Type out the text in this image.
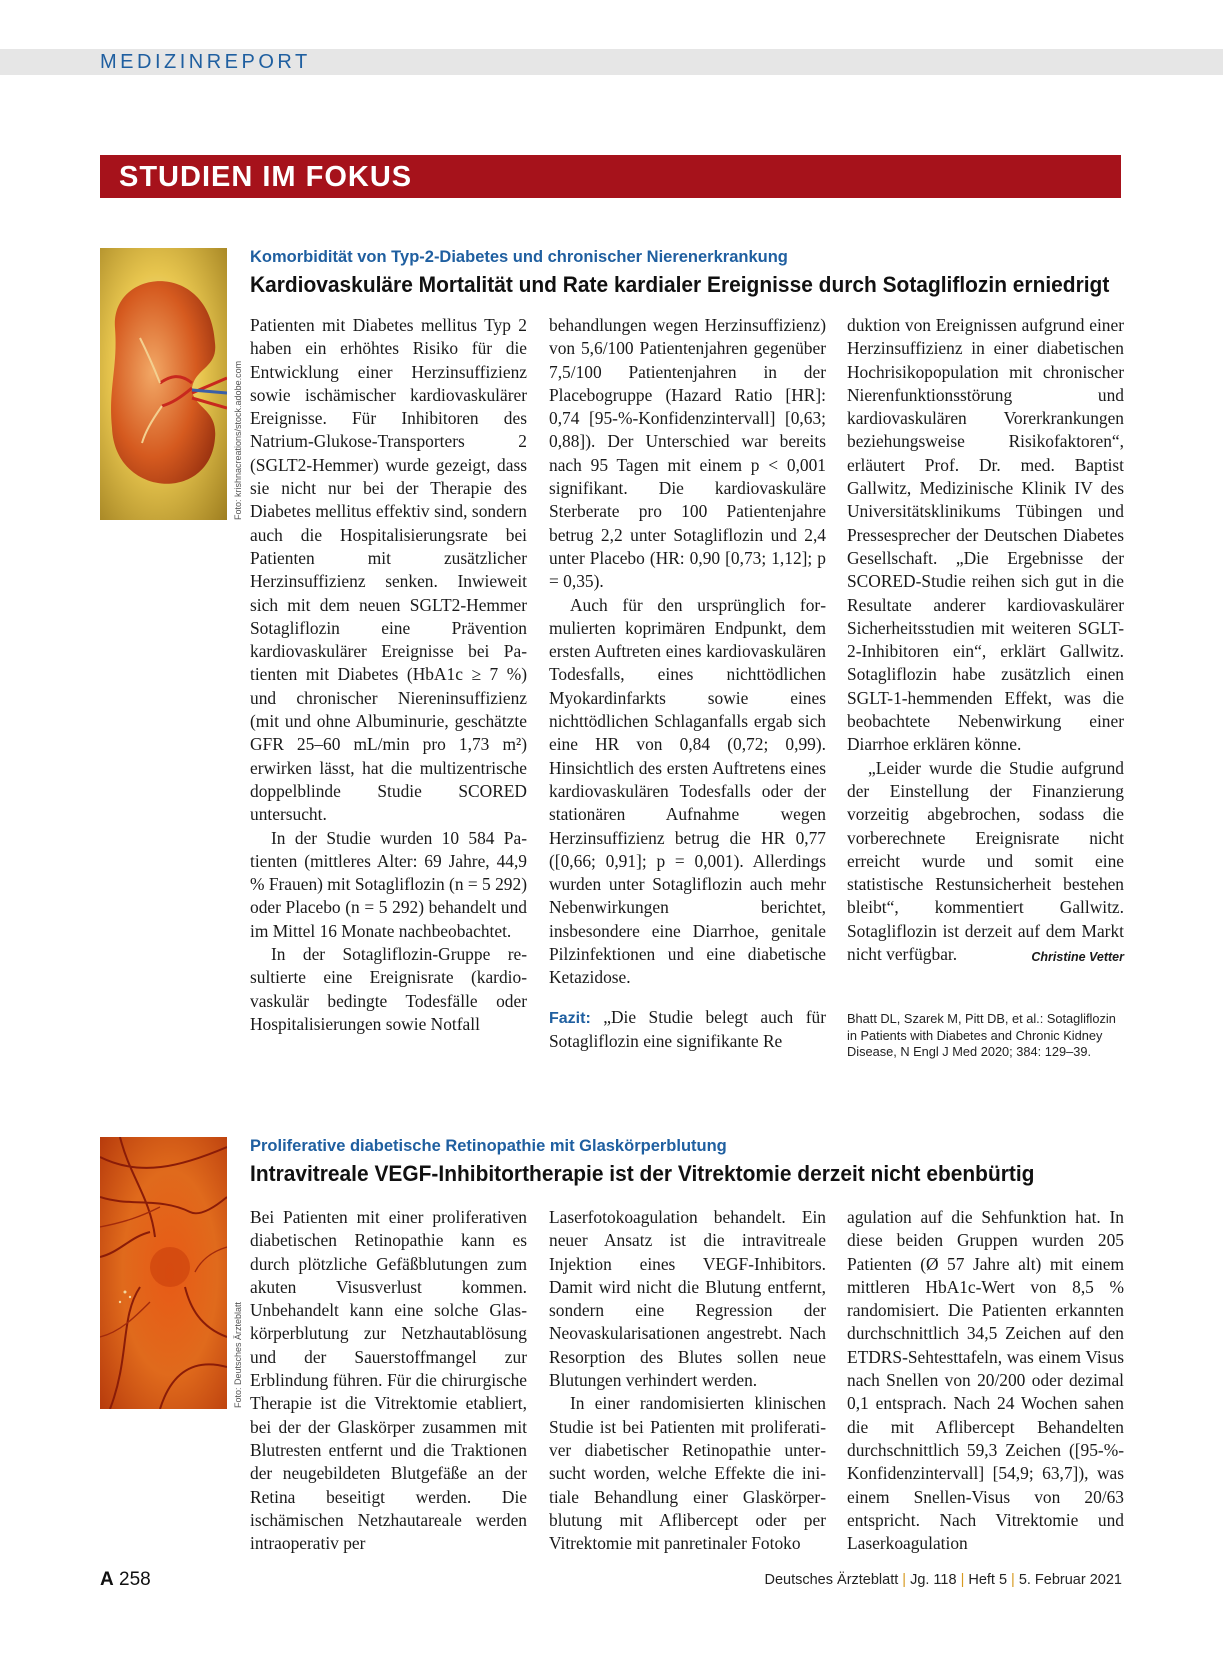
MEDIZINREPORT
STUDIEN IM FOKUS
Foto: krishnacreations/stock.adobe.com
Komorbidität von Typ-2-Diabetes und chronischer Nierenerkrankung
Kardiovaskuläre Mortalität und Rate kardialer Ereignisse durch Sotagliflozin erniedrigt

Patienten mit Diabetes mellitus Typ 2 haben ein erhöhtes Risiko für die Entwicklung einer Herzinsuffizienz sowie ischämischer kardiovaskulärer Ereignisse. Für Inhibitoren des Natrium-Glukose-Transporters 2 (SGLT2-Hemmer) wurde gezeigt, dass sie nicht nur bei der Therapie des Diabetes mellitus effektiv sind, sondern auch die Hospitalisierungsrate bei Patienten mit zusätzlicher Herzinsuffizienz senken. Inwieweit sich mit dem neuen SGLT2-Hemmer Sotagliflozin eine Prävention kardiovaskulärer Ereignisse bei Patienten mit Diabetes (HbA1c ≥ 7 %) und chronischer Niereninsuffizienz (mit und ohne Albuminurie, geschätzte GFR 25–60 mL/min pro 1,73 m²) erwirken lässt, hat die multizentrische doppelblinde Studie SCORED untersucht.

In der Studie wurden 10 584 Patienten (mittleres Alter: 69 Jahre, 44,9 % Frauen) mit Sotagliflozin (n = 5 292) oder Placebo (n = 5 292) behandelt und im Mittel 16 Monate nachbeobachtet.

In der Sotagliflozin-Gruppe resultierte eine Ereignisrate (kardiovaskulär bedingte Todesfälle oder Hospitalisierungen sowie Notfall

behandlungen wegen Herzinsuffizienz) von 5,6/100 Patientenjahren gegenüber 7,5/100 Patientenjahren in der Placebogruppe (Hazard Ratio [HR]: 0,74 [95-%-Konfidenzintervall] [0,63; 0,88]). Der Unterschied war bereits nach 95 Tagen mit einem p < 0,001 signifikant. Die kardiovaskuläre Sterberate pro 100 Patientenjahre betrug 2,2 unter Sotagliflozin und 2,4 unter Placebo (HR: 0,90 [0,73; 1,12]; p = 0,35).

Auch für den ursprünglich formulierten koprimären Endpunkt, dem ersten Auftreten eines kardiovaskulären Todesfalls, eines nichttödlichen Myokardinfarkts sowie eines nichttödlichen Schlaganfalls ergab sich eine HR von 0,84 (0,72; 0,99). Hinsichtlich des ersten Auftretens eines kardiovaskulären Todesfalls oder der stationären Aufnahme wegen Herzinsuffizienz betrug die HR 0,77 ([0,66; 0,91]; p = 0,001). Allerdings wurden unter Sotagliflozin auch mehr Nebenwirkungen berichtet, insbesondere eine Diarrhoe, genitale Pilzinfektionen und eine diabetische Ketazidose.

Fazit: „Die Studie belegt auch für Sotagliflozin eine signifikante Re

duktion von Ereignissen aufgrund einer Herzinsuffizienz in einer diabetischen Hochrisikopopulation mit chronischer Nierenfunktionsstörung und kardiovaskulären Vorerkrankungen beziehungsweise Risikofaktoren“, erläutert Prof. Dr. med. Baptist Gallwitz, Medizinische Klinik IV des Universitätsklinikums Tübingen und Pressesprecher der Deutschen Diabetes Gesellschaft. „Die Ergebnisse der SCORED-Studie reihen sich gut in die Resultate anderer kardiovaskulärer Sicherheitsstudien mit weiteren SGLT-2-Inhibitoren ein“, erklärt Gallwitz. Sotagliflozin habe zusätzlich einen SGLT-1-hemmenden Effekt, was die beobachtete Nebenwirkung einer Diarrhoe erklären könne.

„Leider wurde die Studie aufgrund der Einstellung der Finanzierung vorzeitig abgebrochen, sodass die vorberechnete Ereignisrate nicht erreicht wurde und somit eine statistische Restunsicherheit bestehen bleibt“, kommentiert Gallwitz. Sotagliflozin ist derzeit auf dem Markt nicht verfügbar.	Christine Vetter

Bhatt DL, Szarek M, Pitt DB, et al.: Sotagliflozin in Patients with Diabetes and Chronic Kidney Disease, N Engl J Med 2020; 384: 129–39.
Foto: Deutsches Ärzteblatt
Proliferative diabetische Retinopathie mit Glaskörperblutung
Intravitreale VEGF-Inhibitortherapie ist der Vitrektomie derzeit nicht ebenbürtig

Bei Patienten mit einer proliferativen diabetischen Retinopathie kann es durch plötzliche Gefäßblutungen zum akuten Visusverlust kommen. Unbehandelt kann eine solche Glaskörperblutung zur Netzhautablösung und der Sauerstoffmangel zur Erblindung führen. Für die chirurgische Therapie ist die Vitrektomie etabliert, bei der der Glaskörper zusammen mit Blutresten entfernt und die Traktionen der neugebildeten Blutgefäße an der Retina beseitigt werden. Die ischämischen Netzhautareale werden intraoperativ per

Laserfotokoagulation behandelt. Ein neuer Ansatz ist die intravitreale Injektion eines VEGF-Inhibitors. Damit wird nicht die Blutung entfernt, sondern eine Regression der Neovaskularisationen angestrebt. Nach Resorption des Blutes sollen neue Blutungen verhindert werden.

In einer randomisierten klinischen Studie ist bei Patienten mit proliferativer diabetischer Retinopathie untersucht worden, welche Effekte die initiale Behandlung einer Glaskörperblutung mit Aflibercept oder per Vitrektomie mit panretinaler Fotoko

agulation auf die Sehfunktion hat. In diese beiden Gruppen wurden 205 Patienten (Ø 57 Jahre alt) mit einem mittleren HbA1c-Wert von 8,5 % randomisiert. Die Patienten erkannten durchschnittlich 34,5 Zeichen auf den ETDRS-Sehtesttafeln, was einem Visus nach Snellen von 20/200 oder dezimal 0,1 entsprach. Nach 24 Wochen sahen die mit Aflibercept Behandelten durchschnittlich 59,3 Zeichen ([95-%-Konfidenzintervall] [54,9; 63,7]), was einem Snellen-Visus von 20/63 entspricht. Nach Vitrektomie und Laserkoagulation

A 258	Deutsches Ärzteblatt | Jg. 118 | Heft 5 | 5. Februar 2021
